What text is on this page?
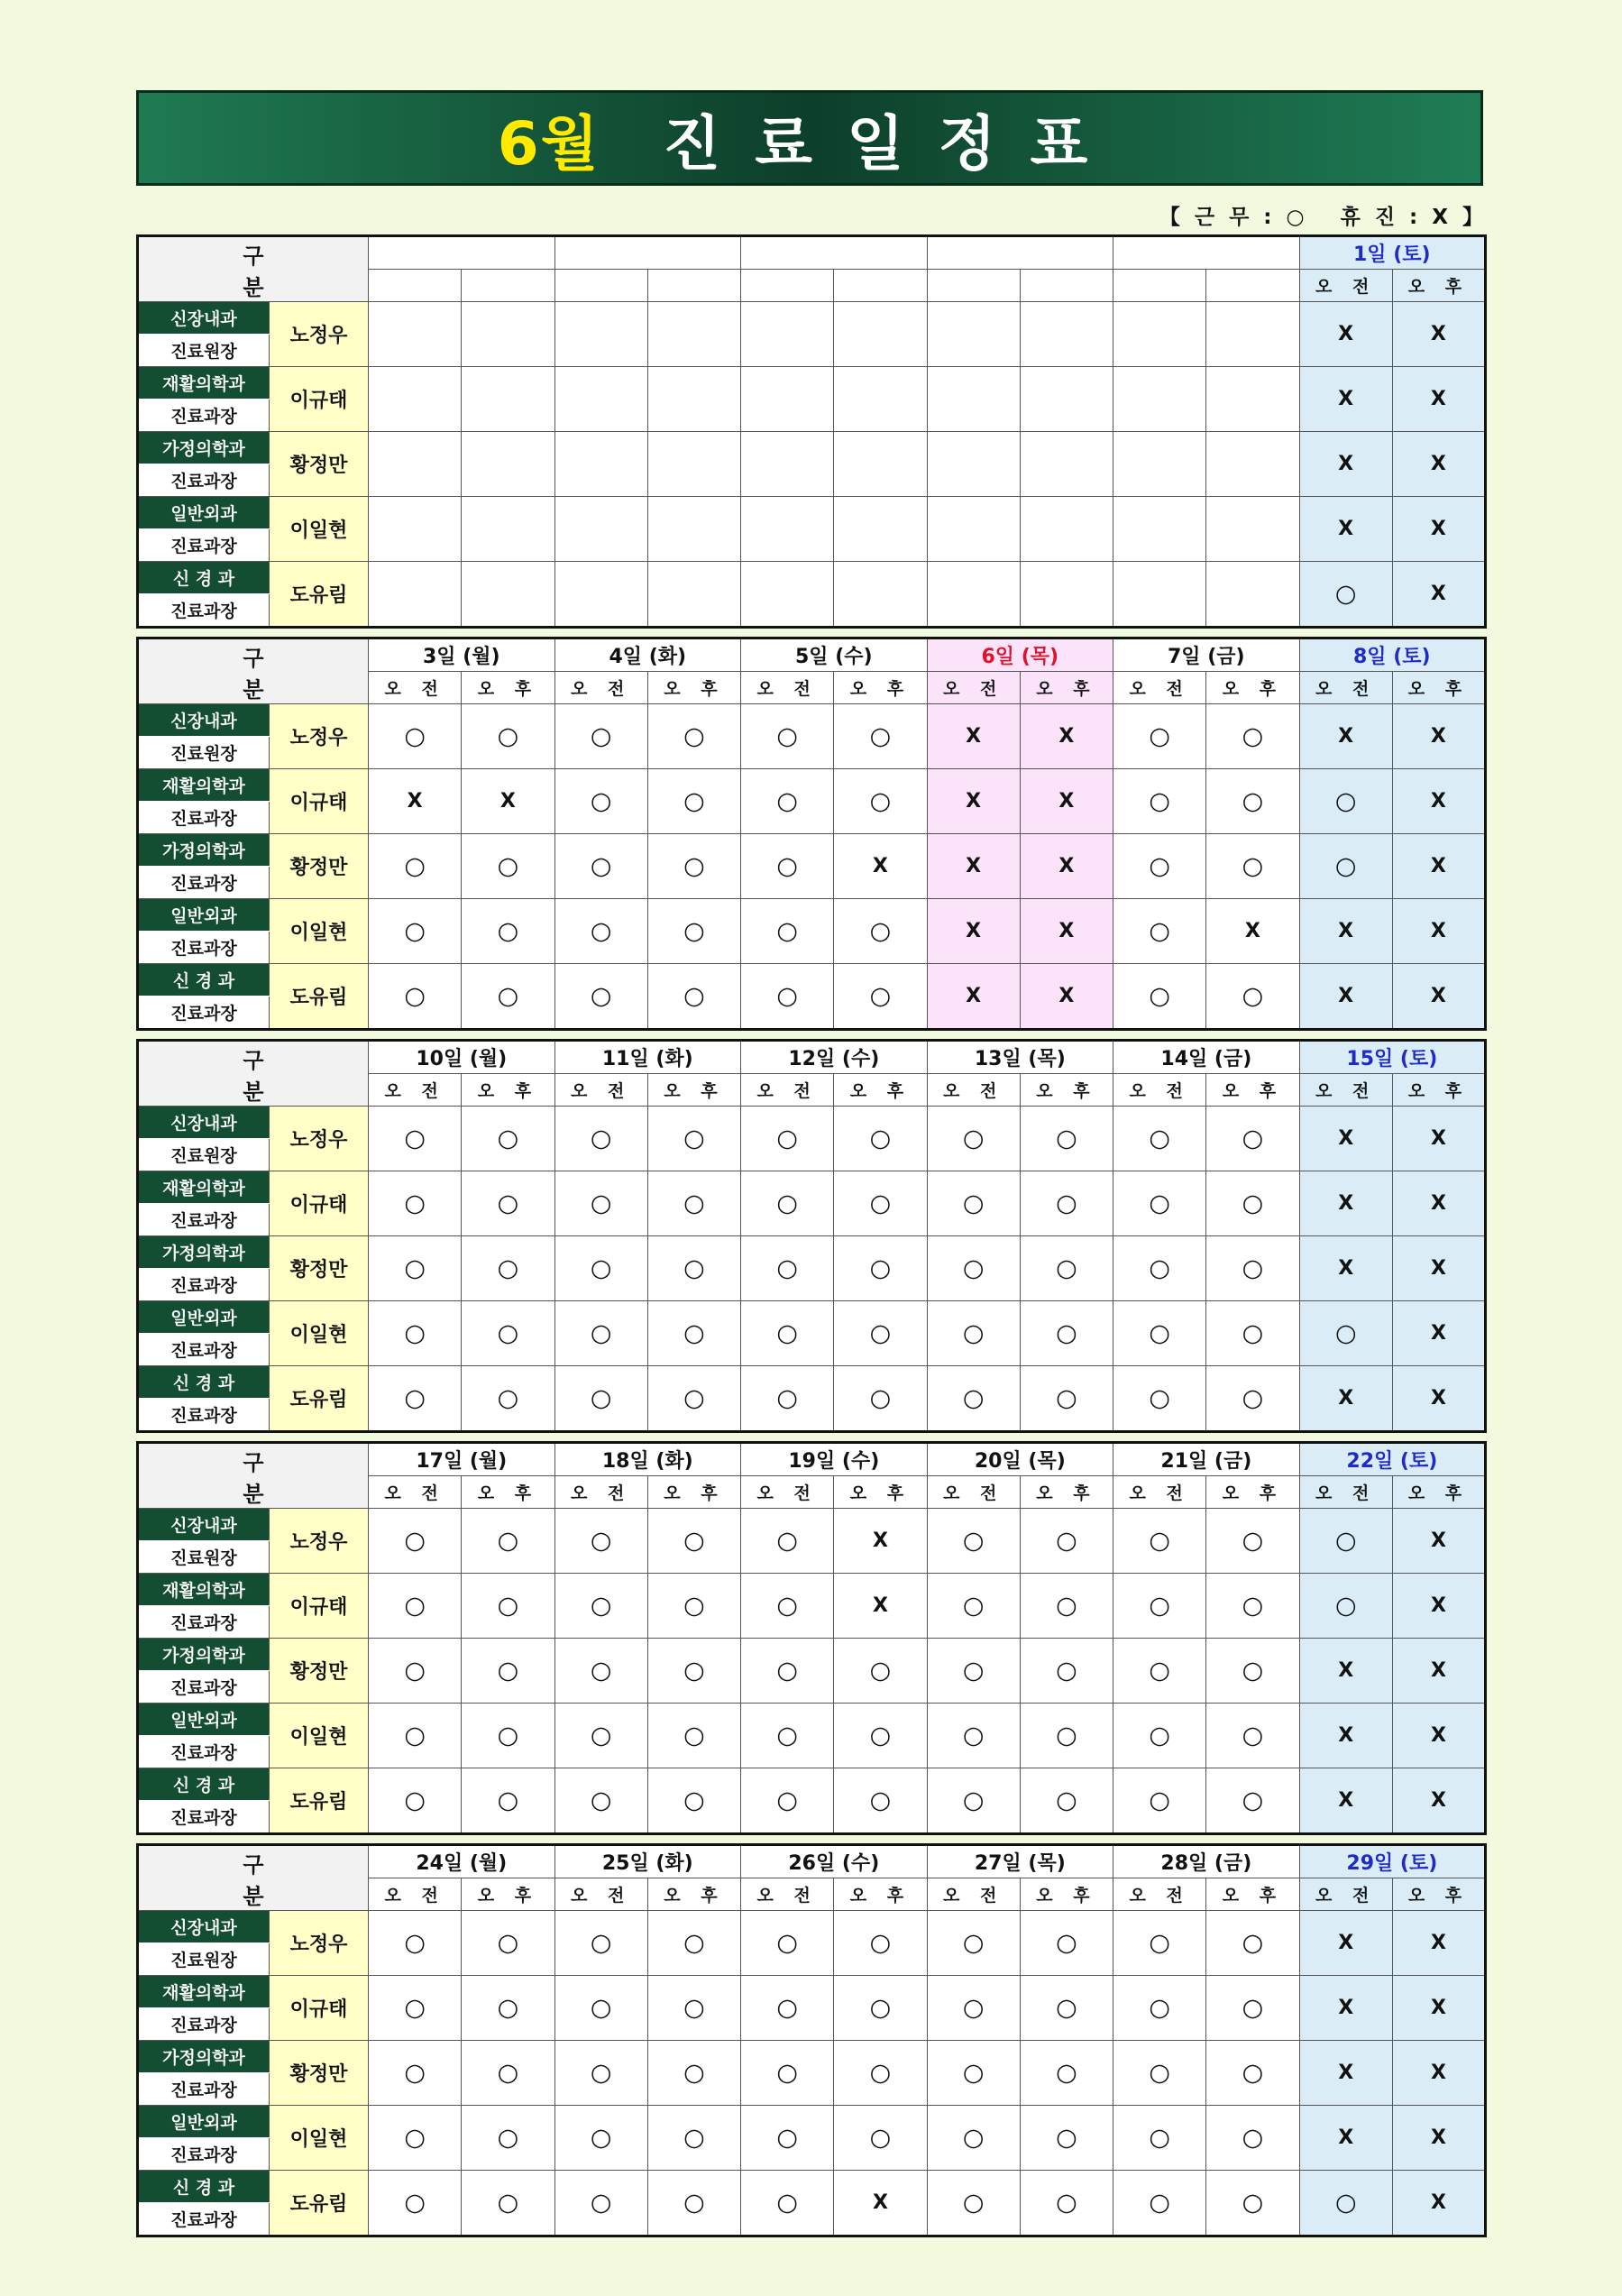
6월 진료일정표
【 근 무 : ○   휴 진 : X 】
구 분												1일 (토)	
												오 전	오 후
신장내과	노정우											X	X
진료원장													
재활의학과	이규태											X	X
진료과장													
가정의학과	황정만											X	X
진료과장													
일반외과	이일현											X	X
진료과장													
신 경 과	도유림											○	X
진료과장													
구 분		3일 (월)		4일 (화)		5일 (수)		6일 (목)		7일 (금)		8일 (토)	
		오 전	오 후	오 전	오 후	오 전	오 후	오 전	오 후	오 전	오 후	오 전	오 후
신장내과	노정우	○	○	○	○	○	○	X	X	○	○	X	X
진료원장													
재활의학과	이규태	X	X	○	○	○	○	X	X	○	○	○	X
진료과장													
가정의학과	황정만	○	○	○	○	○	X	X	X	○	○	○	X
진료과장													
일반외과	이일현	○	○	○	○	○	○	X	X	○	X	X	X
진료과장													
신 경 과	도유림	○	○	○	○	○	○	X	X	○	○	X	X
진료과장													
구 분		10일 (월)		11일 (화)		12일 (수)		13일 (목)		14일 (금)		15일 (토)	
		오 전	오 후	오 전	오 후	오 전	오 후	오 전	오 후	오 전	오 후	오 전	오 후
신장내과	노정우	○	○	○	○	○	○	○	○	○	○	X	X
진료원장													
재활의학과	이규태	○	○	○	○	○	○	○	○	○	○	X	X
진료과장													
가정의학과	황정만	○	○	○	○	○	○	○	○	○	○	X	X
진료과장													
일반외과	이일현	○	○	○	○	○	○	○	○	○	○	○	X
진료과장													
신 경 과	도유림	○	○	○	○	○	○	○	○	○	○	X	X
진료과장													
구 분		17일 (월)		18일 (화)		19일 (수)		20일 (목)		21일 (금)		22일 (토)	
		오 전	오 후	오 전	오 후	오 전	오 후	오 전	오 후	오 전	오 후	오 전	오 후
신장내과	노정우	○	○	○	○	○	X	○	○	○	○	○	X
진료원장													
재활의학과	이규태	○	○	○	○	○	X	○	○	○	○	○	X
진료과장													
가정의학과	황정만	○	○	○	○	○	○	○	○	○	○	X	X
진료과장													
일반외과	이일현	○	○	○	○	○	○	○	○	○	○	X	X
진료과장													
신 경 과	도유림	○	○	○	○	○	○	○	○	○	○	X	X
진료과장													
구 분		24일 (월)		25일 (화)		26일 (수)		27일 (목)		28일 (금)		29일 (토)	
		오 전	오 후	오 전	오 후	오 전	오 후	오 전	오 후	오 전	오 후	오 전	오 후
신장내과	노정우	○	○	○	○	○	○	○	○	○	○	X	X
진료원장													
재활의학과	이규태	○	○	○	○	○	○	○	○	○	○	X	X
진료과장													
가정의학과	황정만	○	○	○	○	○	○	○	○	○	○	X	X
진료과장													
일반외과	이일현	○	○	○	○	○	○	○	○	○	○	X	X
진료과장													
신 경 과	도유림	○	○	○	○	○	X	○	○	○	○	○	X
진료과장													
